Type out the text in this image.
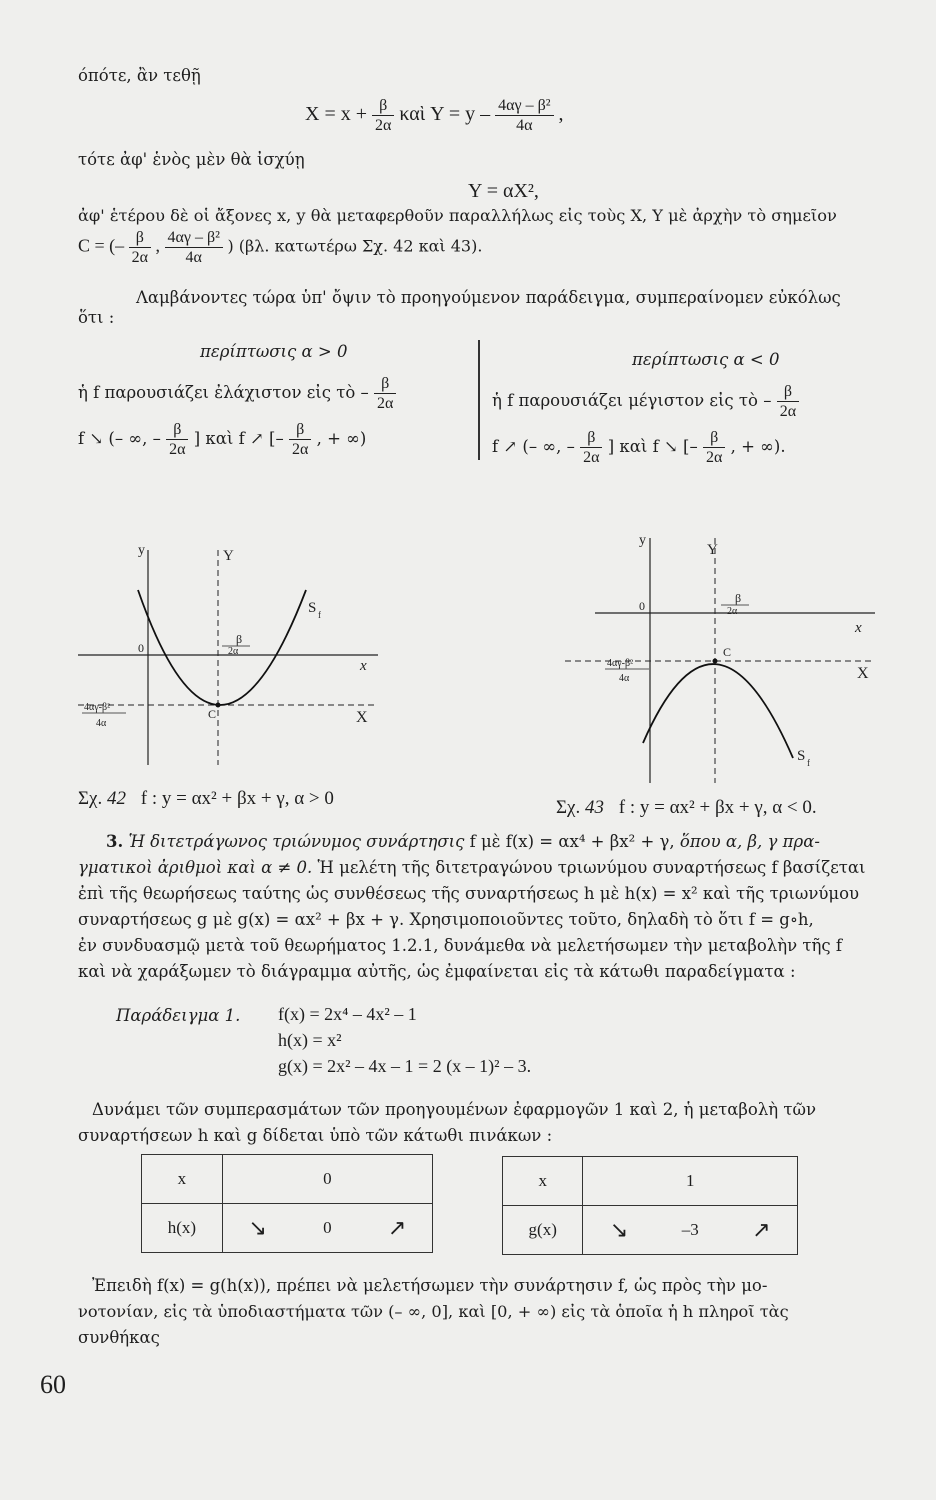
όπότε, ἂν τεθῇ
$X = x + \frac{\beta}{2\alpha}$ καὶ $Y = y - \frac{\text{4αγ – β²}}{4\alpha}$ ,
τότε ἀφ' ἑνὸς μὲν θὰ ἰσχύῃ
Y = αX²,
ἀφ' ἑτέρου δὲ οἱ ἄξονες x, y θὰ μεταφερθοῦν παραλλήλως εἰς τοὺς X, Y μὲ ἀρχὴν τὸ σημεῖον
C = (– $\frac{\beta}{2\alpha}$ , $\frac{\text{4αγ – β²}}{4\alpha}$ ) (βλ. κατωτέρω Σχ. 42 καὶ 43).
Λαμβάνοντες τώρα ὑπ' ὄψιν τὸ προηγούμενον παράδειγμα, συμπεραίνομεν εὐκόλως
ὅτι :
περίπτωσις α > 0
ἡ f παρουσιάζει ἐλάχιστον εἰς τὸ – $\frac{\beta}{2\alpha}$
f ↘ (– ∞, – $\frac{\beta}{2\alpha}$ ] καὶ f ↗ [– $\frac{\beta}{2\alpha}$ , + ∞)
περίπτωσις α < 0
ἡ f παρουσιάζει μέγιστον εἰς τὸ – $\frac{\beta}{2\alpha}$
f ↗ (– ∞, – $\frac{\beta}{2\alpha}$ ] καὶ f ↘ [– $\frac{\beta}{2\alpha}$ , + ∞).
y	Y
x
X
0
C
S f
β
2α
4αγ-β²
4α
Σχ. 42 f : y = αx² + βx + γ, α > 0
y
Y
x
X
0
C
S f
β
2α
4αγ-β²
4α
Σχ. 43 f : y = αx² + βx + γ, α < 0.
3. Ἡ διτετράγωνος τριώνυμος συνάρτησις f μὲ f(x) = αx⁴ + βx² + γ, ὅπου α, β, γ πρα-
γματικοὶ ἀριθμοὶ καὶ α ≠ 0. Ἡ μελέτη τῆς διτετραγώνου τριωνύμου συναρτήσεως f βασίζεται
ἐπὶ τῆς θεωρήσεως ταύτης ὡς συνθέσεως τῆς συναρτήσεως h μὲ h(x) = x² καὶ τῆς τριωνύμου
συναρτήσεως g μὲ g(x) = αx² + βx + γ. Χρησιμοποιοῦντες τοῦτο, δηλαδὴ τὸ ὅτι f = g∘h,
ἐν συνδυασμῷ μετὰ τοῦ θεωρήματος 1.2.1, δυνάμεθα νὰ μελετήσωμεν τὴν μεταβολὴν τῆς f
καὶ νὰ χαράξωμεν τὸ διάγραμμα αὐτῆς, ὡς ἐμφαίνεται εἰς τὰ κάτωθι παραδείγματα :
Παράδειγμα 1. f(x) = 2x⁴ – 4x² – 1
h(x) = x²
g(x) = 2x² – 4x – 1 = 2 (x – 1)² – 3.
Δυνάμει τῶν συμπερασμάτων τῶν προηγουμένων ἐφαρμογῶν 1 καὶ 2, ἡ μεταβολὴ τῶν
συναρτήσεων h καὶ g δίδεται ὑπὸ τῶν κάτωθι πινάκων :
x		0	
h(x)	↘	0	↗
x		1	
g(x)	↘	–3	↗
Ἐπειδὴ f(x) = g(h(x)), πρέπει νὰ μελετήσωμεν τὴν συνάρτησιν f, ὡς πρὸς τὴν μο-
νοτονίαν, εἰς τὰ ὑποδιαστήματα τῶν (– ∞, 0], καὶ [0, + ∞) εἰς τὰ ὁποῖα ἡ h πληροῖ τὰς
συνθήκας
60
